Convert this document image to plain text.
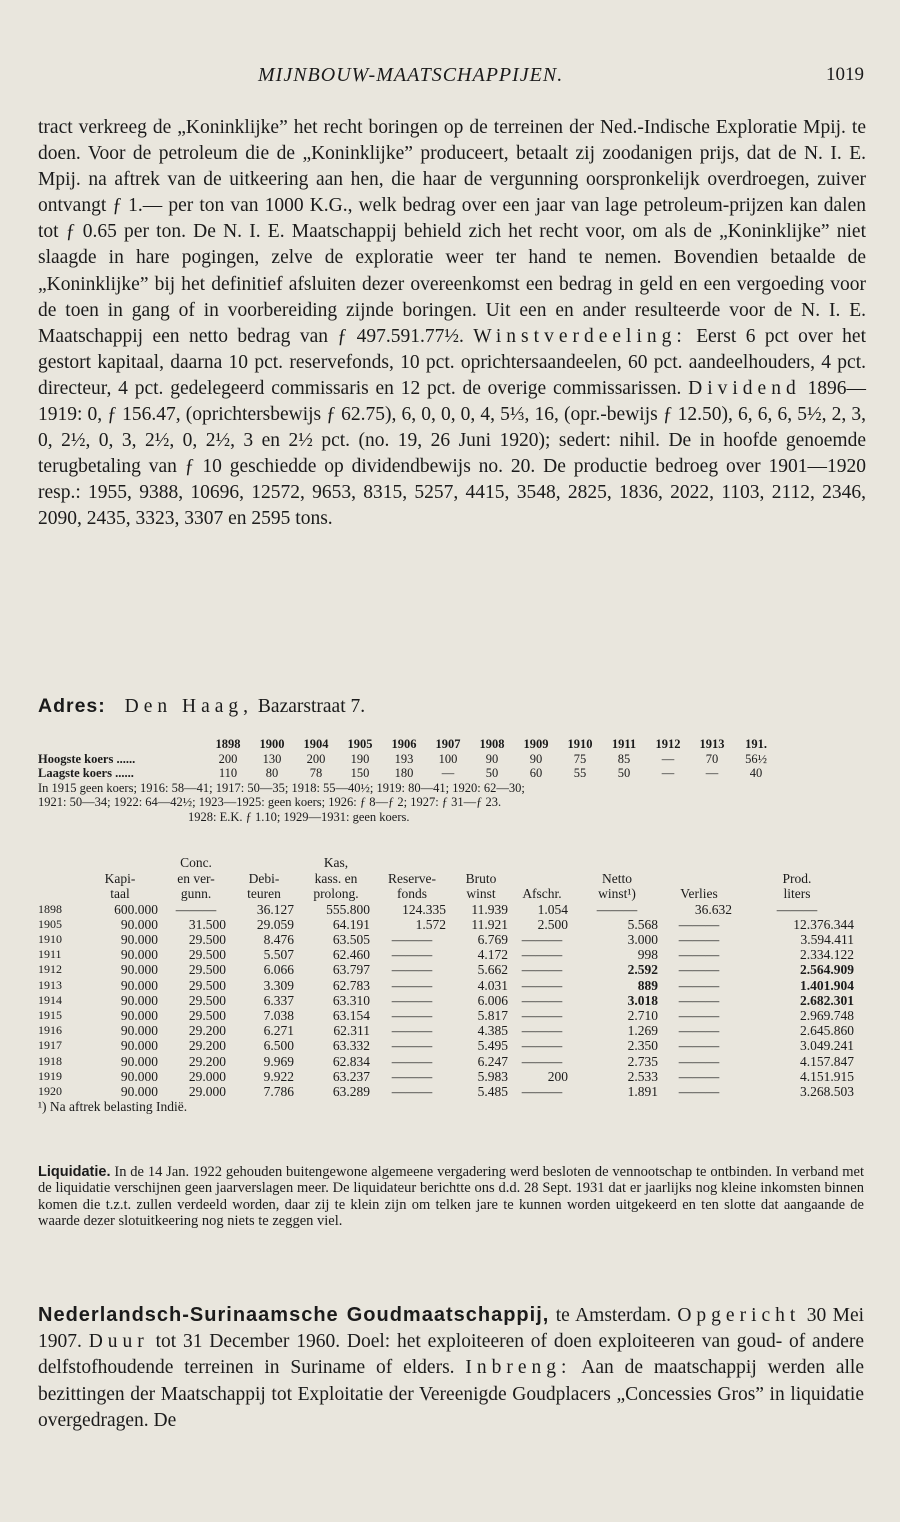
MIJNBOUW-MAATSCHAPPIJEN.	1019

tract verkreeg de „Koninklijke” het recht boringen op de terreinen der Ned.-Indische Exploratie Mpij. te doen. Voor de petroleum die de „Koninklijke” produceert, betaalt zij zoodanigen prijs, dat de N. I. E. Mpij. na aftrek van de uitkeering aan hen, die haar de vergunning oorspronkelijk overdroegen, zuiver ontvangt ƒ 1.— per ton van 1000 K.G., welk bedrag over een jaar van lage petroleum-prijzen kan dalen tot ƒ 0.65 per ton. De N. I. E. Maatschappij behield zich het recht voor, om als de „Koninklijke” niet slaagde in hare pogingen, zelve de exploratie weer ter hand te nemen. Bovendien betaalde de „Koninklijke” bij het definitief afsluiten dezer overeenkomst een bedrag in geld en een vergoeding voor de toen in gang of in voorbereiding zijnde boringen. Uit een en ander resulteerde voor de N. I. E. Maatschappij een netto bedrag van ƒ 497.591.77½. Winstverdeeling: Eerst 6 pct over het gestort kapitaal, daarna 10 pct. reservefonds, 10 pct. oprichtersaandeelen, 60 pct. aandeelhouders, 4 pct. directeur, 4 pct. gedelegeerd commissaris en 12 pct. de overige commissarissen. Dividend 1896—1919: 0, ƒ 156.47, (oprichtersbewijs ƒ 62.75), 6, 0, 0, 0, 4, 5⅓, 16, (opr.-bewijs ƒ 12.50), 6, 6, 6, 5½, 2, 3, 0, 2½, 0, 3, 2½, 0, 2½, 3 en 2½ pct. (no. 19, 26 Juni 1920); sedert: nihil. De in hoofde genoemde terugbetaling van ƒ 10 geschiedde op dividendbewijs no. 20. De productie bedroeg over 1901—1920 resp.: 1955, 9388, 10696, 12572, 9653, 8315, 5257, 4415, 3548, 2825, 1836, 2022, 1103, 2112, 2346, 2090, 2435, 3323, 3307 en 2595 tons.

Adres: Den Haag, Bazarstraat 7.
1898	1900	1904	1905	1906	1907	1908	1909	1910	1911	1912	1913	191.
Hoogste koers ......	200	130	200	190	193	100	90	90	75	85	—	70	56½
Laagste koers ......	110	80	78	150	180	—	50	60	55	50	—	—	40
In 1915 geen koers; 1916: 58—41; 1917: 50—35; 1918: 55—40½; 1919: 80—41; 1920: 62—30;
1921: 50—34; 1922: 64—42½; 1923—1925: geen koers; 1926: ƒ 8—ƒ 2; 1927: ƒ 31—ƒ 23.
1928: E.K. ƒ 1.10; 1929—1931: geen koers.
		Conc.		Kas,						
	Kapi-	en ver-	Debi-	kass. en	Reserve-	Bruto		Netto		Prod.
	taal	gunn.	teuren	prolong.	fonds	winst	Afschr.	winst¹)	Verlies	liters
1898	600.000	———	36.127	555.800	124.335	11.939	1.054	———	36.632	———
1905	90.000	31.500	29.059	64.191	1.572	11.921	2.500	5.568	———	12.376.344
1910	90.000	29.500	8.476	63.505	———	6.769	———	3.000	———	3.594.411
1911	90.000	29.500	5.507	62.460	———	4.172	———	998	———	2.334.122
1912	90.000	29.500	6.066	63.797	———	5.662	———	2.592	———	2.564.909
1913	90.000	29.500	3.309	62.783	———	4.031	———	889	———	1.401.904
1914	90.000	29.500	6.337	63.310	———	6.006	———	3.018	———	2.682.301
1915	90.000	29.500	7.038	63.154	———	5.817	———	2.710	———	2.969.748
1916	90.000	29.200	6.271	62.311	———	4.385	———	1.269	———	2.645.860
1917	90.000	29.200	6.500	63.332	———	5.495	———	2.350	———	3.049.241
1918	90.000	29.200	9.969	62.834	———	6.247	———	2.735	———	4.157.847
1919	90.000	29.000	9.922	63.237	———	5.983	200	2.533	———	4.151.915
1920	90.000	29.000	7.786	63.289	———	5.485	———	1.891	———	3.268.503
¹) Na aftrek belasting Indië.
Liquidatie. In de 14 Jan. 1922 gehouden buitengewone algemeene vergadering werd besloten de vennootschap te ontbinden. In verband met de liquidatie verschijnen geen jaarverslagen meer. De liquidateur berichtte ons d.d. 28 Sept. 1931 dat er jaarlijks nog kleine inkomsten binnen komen die t.z.t. zullen verdeeld worden, daar zij te klein zijn om telken jare te kunnen worden uitgekeerd en ten slotte dat aangaande de waarde dezer slotuitkeering nog niets te zeggen viel.
Nederlandsch-Surinaamsche Goudmaatschappij, te Amsterdam. Opgericht 30 Mei 1907. Duur tot 31 December 1960. Doel: het exploiteeren of doen exploiteeren van goud- of andere delfstofhoudende terreinen in Suriname of elders. Inbreng: Aan de maatschappij werden alle bezittingen der Maatschappij tot Exploitatie der Vereenigde Goudplacers „Concessies Gros” in liquidatie overgedragen. De
